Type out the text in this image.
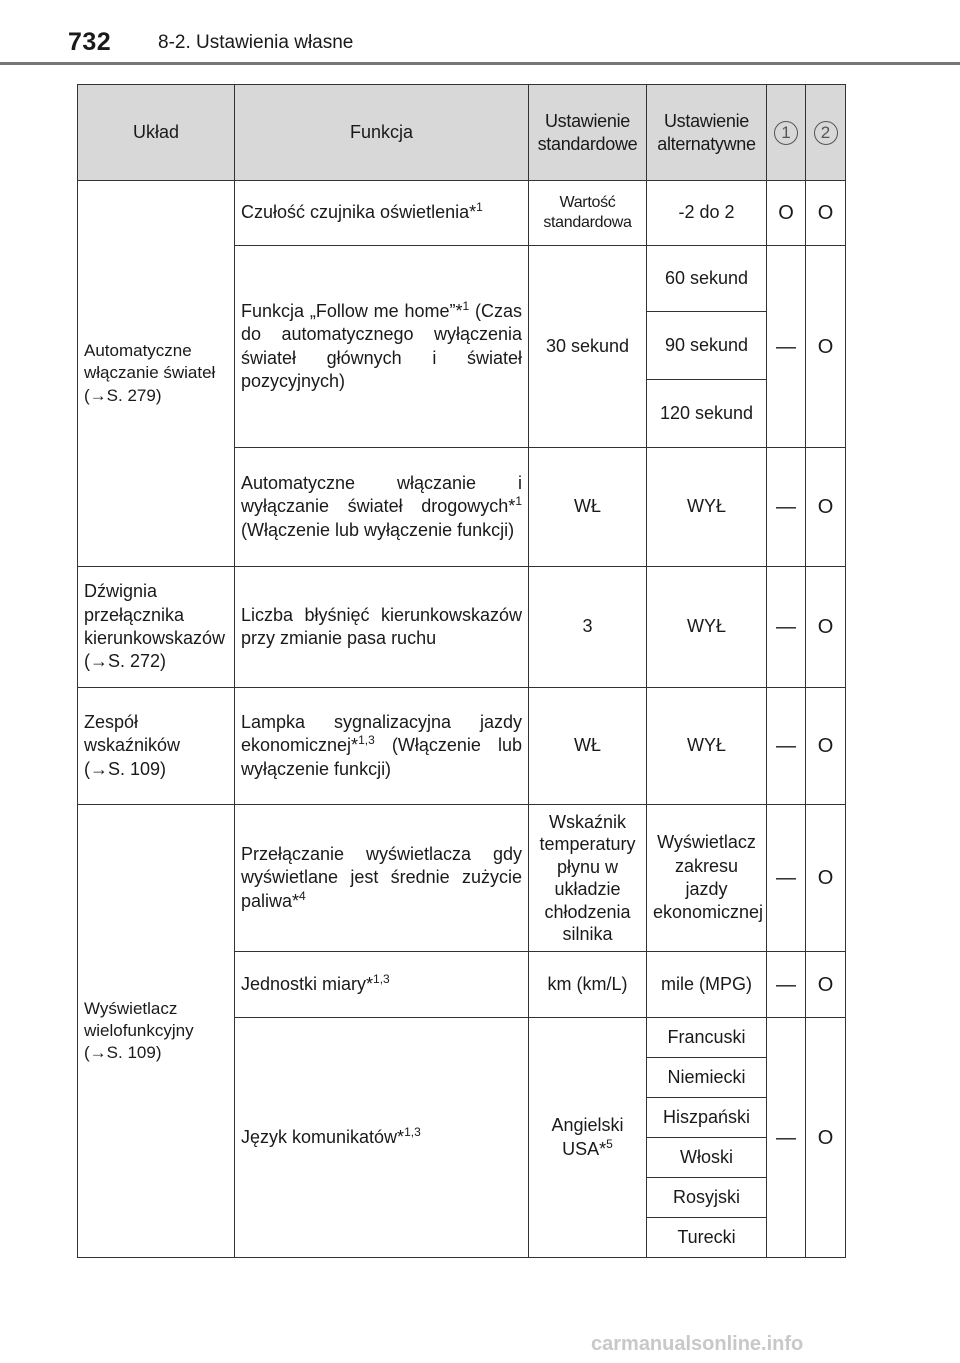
732 8-2. Ustawienia własne
Układ	Funkcja	Ustawienie standardowe	Ustawienie alternatywne	1	2
Automatyczne włączanie świateł
(→S. 279)	Czułość czujnika oświetlenia*$^1$	Wartość standardowa	-2 do 2	O	O
	Funkcja „Follow me home”*$^1$ (Czas do automatycznego wyłączenia świateł głównych i świateł pozycyjnych)	30 sekund	60 sekund	—	O
			90 sekund		
			120 sekund		
	Automatyczne włączanie i wyłączanie świateł drogowych*$^1$ (Włączenie lub wyłączenie funkcji)	WŁ	WYŁ	—	O
Dźwignia przełącznika kierunkowskazów (→S. 272)	Liczba błyśnięć kierunkowskazów przy zmianie pasa ruchu	3	WYŁ	—	O
Zespół wskaźników
(→S. 109)	Lampka sygnalizacyjna jazdy ekonomicznej*$^{1,3}$ (Włączenie lub wyłączenie funkcji)	WŁ	WYŁ	—	O
Wyświetlacz wielofunkcyjny
(→S. 109)	Przełączanie wyświetlacza gdy wyświetlane jest średnie zużycie paliwa*$^4$	Wskaźnik temperatury płynu w układzie chłodzenia silnika	Wyświetlacz zakresu jazdy ekonomicznej	—	O
	Jednostki miary*$^{1,3}$	km (km/L)	mile (MPG)	—	O
	Język komunikatów*$^{1,3}$	Angielski USA*$^5$	Francuski	—	O
			Niemiecki		
			Hiszpański		
			Włoski		
			Rosyjski		
			Turecki		
carmanualsonline.info
